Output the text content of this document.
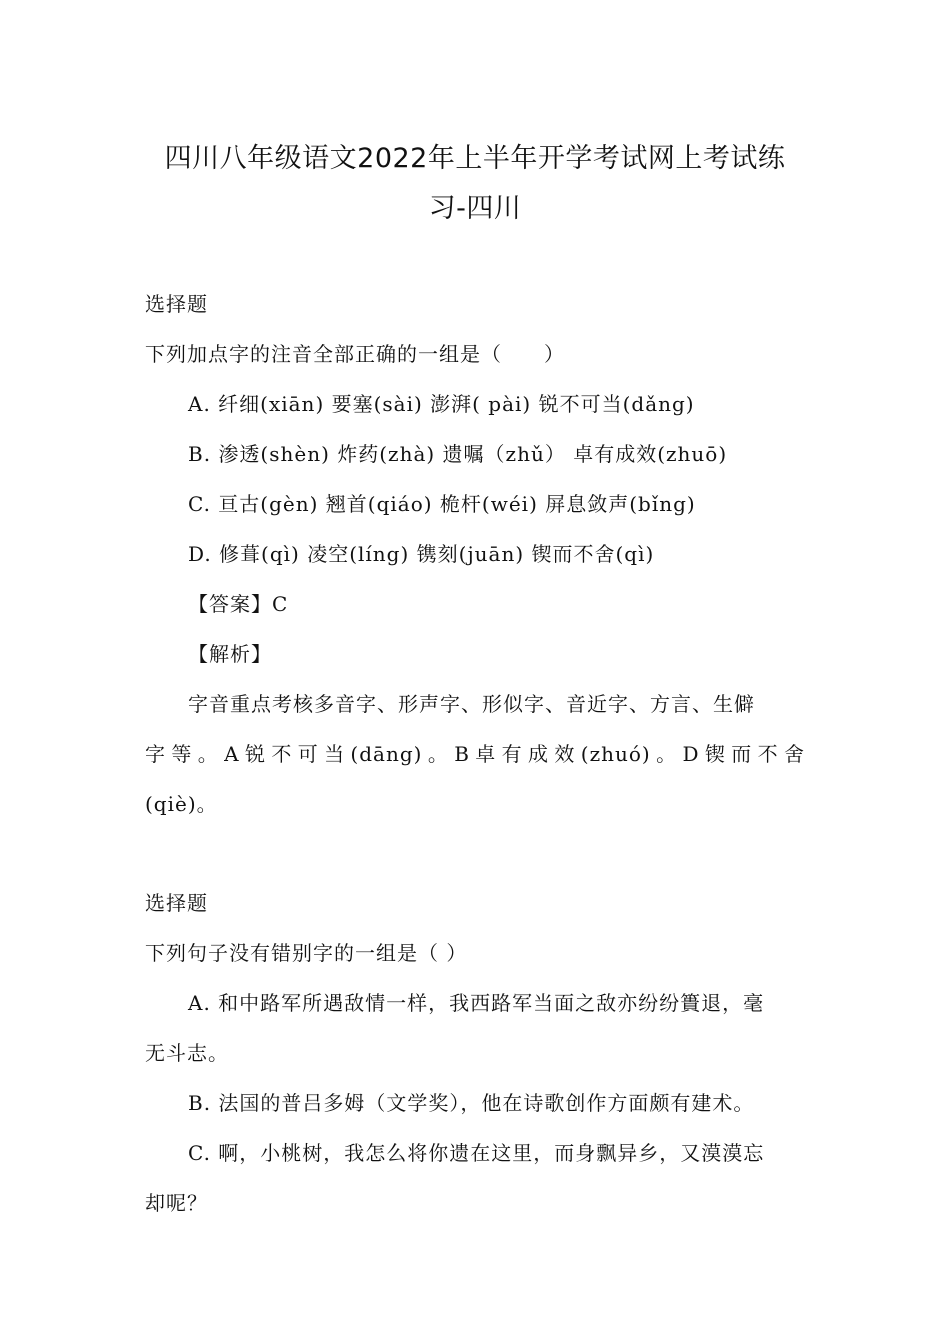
四川八年级语文2022年上半年开学考试网上考试练
习-四川
选择题
下列加点字的注音全部正确的一组是（　　）
A. 纤细(xiān) 要塞(sài) 澎湃( pài) 锐不可当(dǎng)
B. 渗透(shèn) 炸药(zhà) 遗嘱（zhǔ） 卓有成效(zhuō)
C. 亘古(gèn) 翘首(qiáo) 桅杆(wéi) 屏息敛声(bǐng)
D. 修葺(qì) 凌空(líng) 镌刻(juān) 锲而不舍(qì)
【答案】C
【解析】
字音重点考核多音字、形声字、形似字、音近字、方言、生僻
字等。A锐不可当(dāng)。B卓有成效(zhuó)。D锲而不舍
(qiè)。
选择题
下列句子没有错别字的一组是（ ）
A. 和中路军所遇敌情一样，我西路军当面之敌亦纷纷簣退，毫
无斗志。
B. 法国的普吕多姆（文学奖），他在诗歌创作方面颇有建术。
C. 啊，小桃树，我怎么将你遗在这里，而身飘异乡，又漠漠忘
却呢？
